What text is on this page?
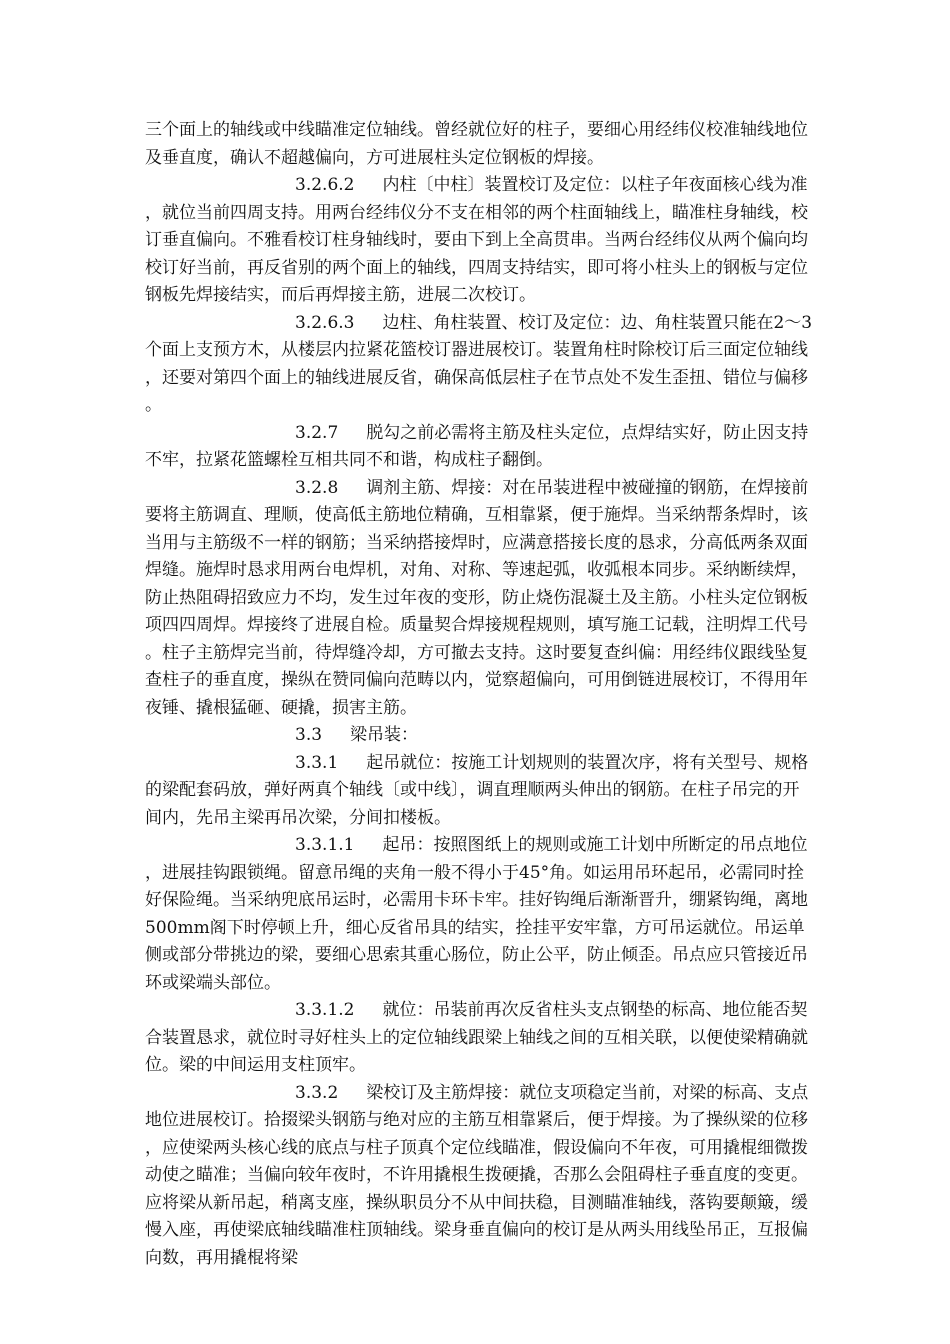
三个面上的轴线或中线瞄准定位轴线。曾经就位好的柱子，要细心用经纬仪校准轴线地位及垂直度，确认不超越偏向，方可进展柱头定位钢板的焊接。

3.2.6.2 内柱〔中柱〕装置校订及定位：以柱子年夜面核心线为准，就位当前四周支持。用两台经纬仪分不支在相邻的两个柱面轴线上，瞄准柱身轴线，校订垂直偏向。不雅看校订柱身轴线时，要由下到上全高贯串。当两台经纬仪从两个偏向均校订好当前，再反省别的两个面上的轴线，四周支持结实，即可将小柱头上的钢板与定位钢板先焊接结实，而后再焊接主筋，进展二次校订。

3.2.6.3 边柱、角柱装置、校订及定位：边、角柱装置只能在2～3个面上支预方木，从楼层内拉紧花篮校订器进展校订。装置角柱时除校订后三面定位轴线，还要对第四个面上的轴线进展反省，确保高低层柱子在节点处不发生歪扭、错位与偏移。

3.2.7 脱勾之前必需将主筋及柱头定位，点焊结实好，防止因支持不牢，拉紧花篮螺栓互相共同不和谐，构成柱子翻倒。

3.2.8 调剂主筋、焊接：对在吊装进程中被碰撞的钢筋，在焊接前要将主筋调直、理顺，使高低主筋地位精确，互相靠紧，便于施焊。当采纳帮条焊时，该当用与主筋级不一样的钢筋；当采纳搭接焊时，应满意搭接长度的恳求，分高低两条双面焊缝。施焊时恳求用两台电焊机，对角、对称、等速起弧，收弧根本同步。采纳断续焊，防止热阻碍招致应力不均，发生过年夜的变形，防止烧伤混凝土及主筋。小柱头定位钢板项四四周焊。焊接终了进展自检。质量契合焊接规程规则，填写施工记载，注明焊工代号。柱子主筋焊完当前，待焊缝冷却，方可撤去支持。这时要复查纠偏：用经纬仪跟线坠复查柱子的垂直度，操纵在赞同偏向范畴以内，觉察超偏向，可用倒链进展校订，不得用年夜锤、撬根猛砸、硬撬，损害主筋。

3.3 梁吊装：

3.3.1 起吊就位：按施工计划规则的装置次序，将有关型号、规格的梁配套码放，弹好两真个轴线〔或中线〕，调直理顺两头伸出的钢筋。在柱子吊完的开间内，先吊主梁再吊次梁，分间扣楼板。

3.3.1.1 起吊：按照图纸上的规则或施工计划中所断定的吊点地位，进展挂钩跟锁绳。留意吊绳的夹角一般不得小于45°角。如运用吊环起吊，必需同时拴好保险绳。当采纳兜底吊运时，必需用卡环卡牢。挂好钩绳后渐渐晋升，绷紧钩绳，离地500mm阁下时停顿上升，细心反省吊具的结实，拴挂平安牢靠，方可吊运就位。吊运单侧或部分带挑边的梁，要细心思索其重心肠位，防止公平，防止倾歪。吊点应只管接近吊环或梁端头部位。

3.3.1.2 就位：吊装前再次反省柱头支点钢垫的标高、地位能否契合装置恳求，就位时寻好柱头上的定位轴线跟梁上轴线之间的互相关联，以便使梁精确就位。梁的中间运用支柱顶牢。

3.3.2 梁校订及主筋焊接：就位支项稳定当前，对梁的标高、支点地位进展校订。拾掇梁头钢筋与绝对应的主筋互相靠紧后，便于焊接。为了操纵梁的位移，应使梁两头核心线的底点与柱子顶真个定位线瞄准，假设偏向不年夜，可用撬棍细微拨动使之瞄准；当偏向较年夜时，不许用撬根生拨硬撬，否那么会阻碍柱子垂直度的变更。应将梁从新吊起，稍离支座，操纵职员分不从中间扶稳，目测瞄准轴线，落钩要颠簸，缓慢入座，再使梁底轴线瞄准柱顶轴线。梁身垂直偏向的校订是从两头用线坠吊正，互报偏向数，再用撬棍将梁
